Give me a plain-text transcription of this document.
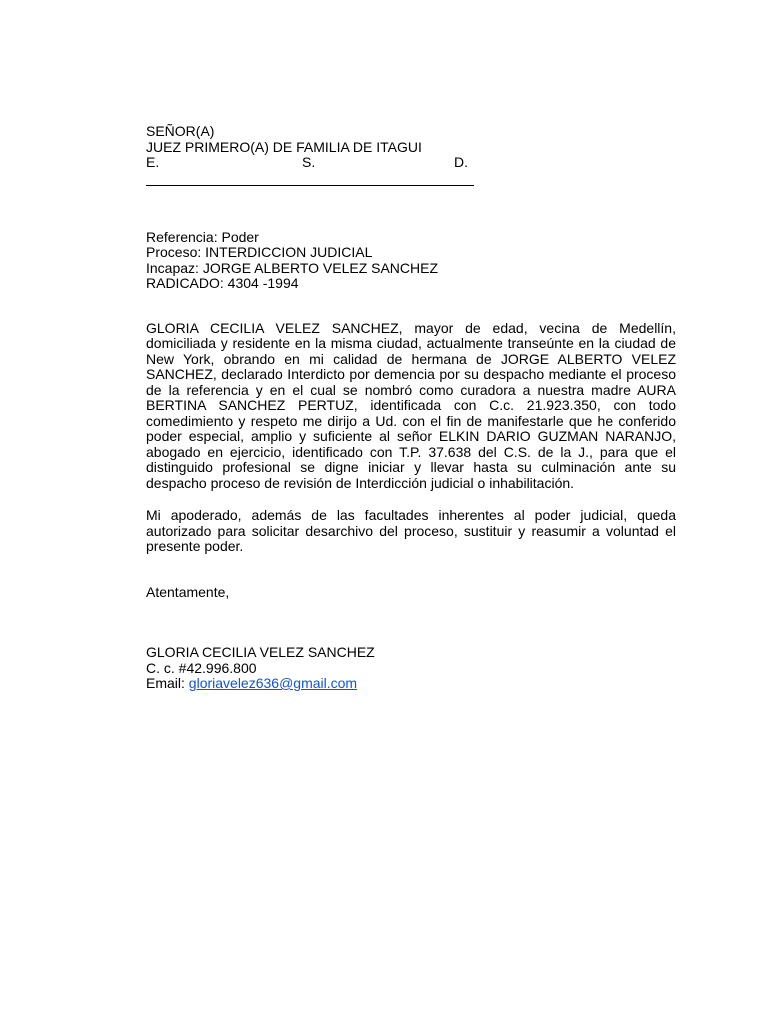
SEÑOR(A)
JUEZ PRIMERO(A) DE FAMILIA DE ITAGUI
E.	S.	D.
Referencia: Poder
Proceso: INTERDICCION JUDICIAL
Incapaz: JORGE ALBERTO VELEZ SANCHEZ
RADICADO: 4304 -1994

GLORIA CECILIA VELEZ SANCHEZ, mayor de edad, vecina de Medellín, domiciliada y residente en la misma ciudad, actualmente transeúnte en la ciudad de New York, obrando en mi calidad de hermana de JORGE ALBERTO VELEZ SANCHEZ, declarado Interdicto por demencia por su despacho mediante el proceso de la referencia y en el cual se nombró como curadora a nuestra madre AURA BERTINA SANCHEZ PERTUZ, identificada con C.c. 21.923.350, con todo comedimiento y respeto me dirijo a Ud. con el fin de manifestarle que he conferido poder especial, amplio y suficiente al señor ELKIN DARIO GUZMAN NARANJO, abogado en ejercicio, identificado con T.P. 37.638 del C.S. de la J., para que el distinguido profesional se digne iniciar y llevar hasta su culminación ante su despacho proceso de revisión de Interdicción judicial o inhabilitación.

Mi apoderado, además de las facultades inherentes al poder judicial, queda autorizado para solicitar desarchivo del proceso, sustituir y reasumir a voluntad el presente poder.

Atentamente,
GLORIA CECILIA VELEZ SANCHEZ
C. c. #42.996.800
Email: gloriavelez636@gmail.com
